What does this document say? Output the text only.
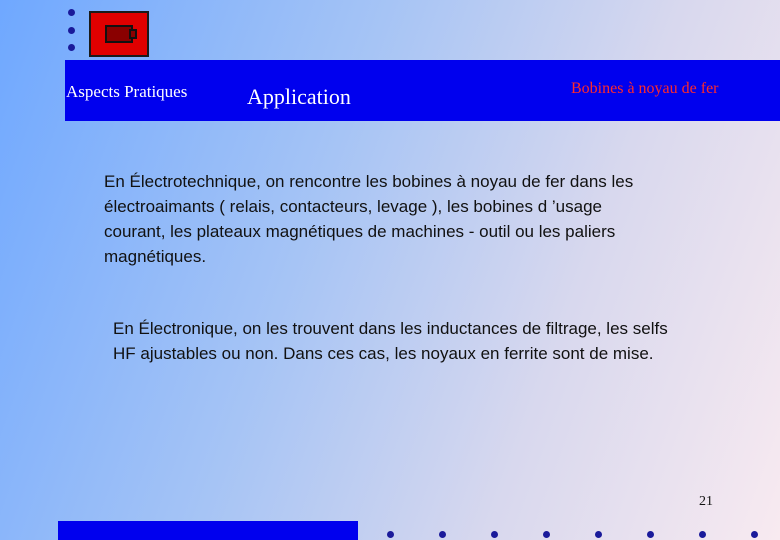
Aspects Pratiques	Application	Bobines à noyau de fer
En Électrotechnique, on rencontre les bobines à noyau de fer dans les électroaimants ( relais, contacteurs, levage ), les bobines d ’usage courant, les plateaux magnétiques de machines - outil ou les paliers magnétiques.
En Électronique, on les trouvent dans les inductances de filtrage, les selfs HF ajustables ou non. Dans ces cas, les noyaux en ferrite sont de mise.
21
